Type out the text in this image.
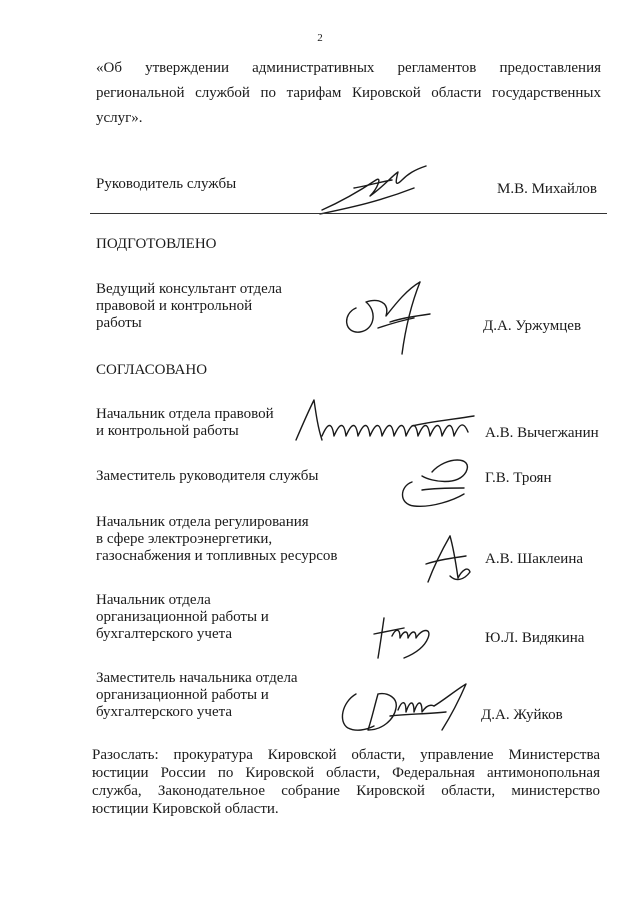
2
«Об утверждении административных регламентов предоставления
региональной службой по тарифам Кировской области государственных
услуг».
Руководитель службы	М.В. Михайлов
ПОДГОТОВЛЕНО
Ведущий консультант отдела
правовой и контрольной
работы	Д.А. Уржумцев
СОГЛАСОВАНО
Начальник отдела правовой
и контрольной работы	А.В. Вычегжанин
Заместитель руководителя службы	Г.В. Троян
Начальник отдела регулирования
в сфере электроэнергетики,
газоснабжения и топливных ресурсов	А.В. Шаклеина
Начальник отдела
организационной работы и
бухгалтерского учета	Ю.Л. Видякина
Заместитель начальника отдела
организационной работы и
бухгалтерского учета	Д.А. Жуйков
Разослать: прокуратура Кировской области, управление Министерства
юстиции России по Кировской области, Федеральная антимонопольная
служба, Законодательное собрание Кировской области, министерство
юстиции Кировской области.
